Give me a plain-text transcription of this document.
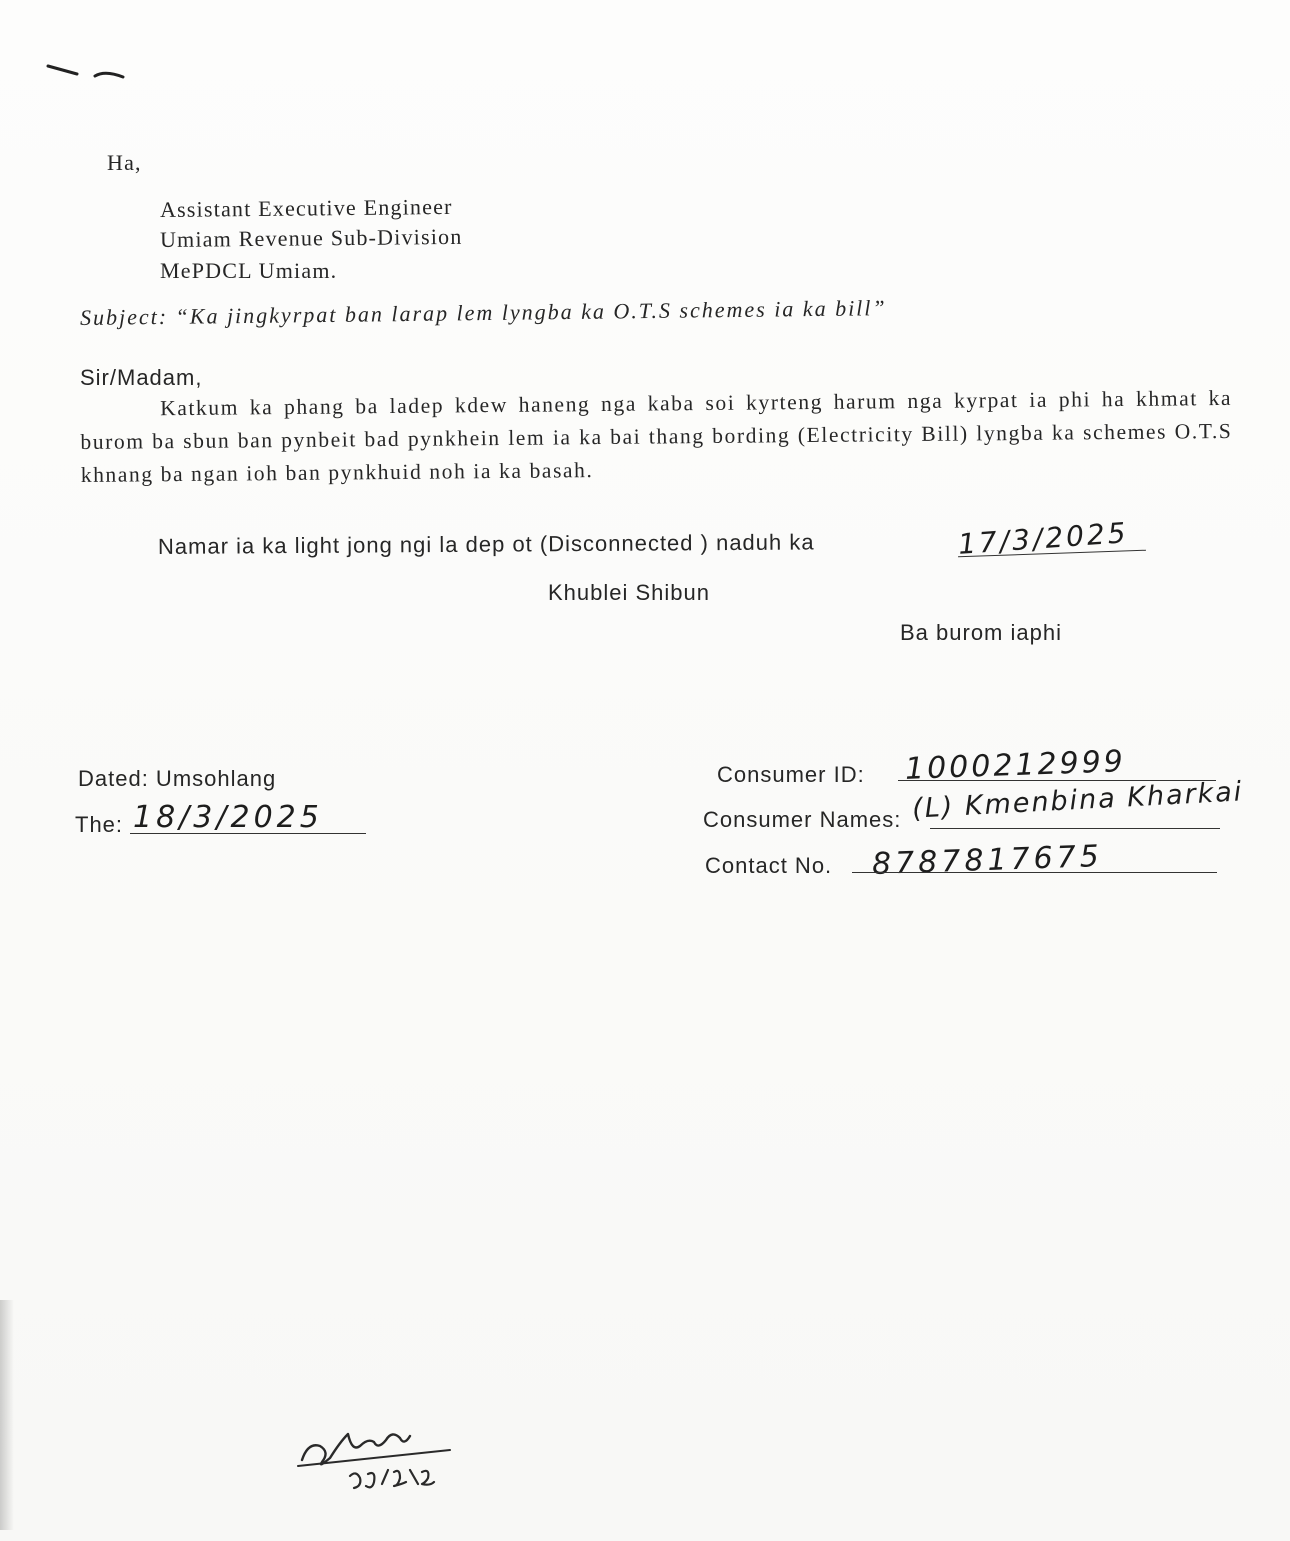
Ha,
Assistant Executive Engineer
Umiam Revenue Sub-Division
MePDCL Umiam.
Subject: “Ka jingkyrpat ban larap lem lyngba ka O.T.S schemes ia ka bill”
Sir/Madam,
Katkum ka phang ba ladep kdew haneng nga kaba soi kyrteng harum nga kyrpat ia phi ha khmat ka burom ba sbun ban pynbeit bad pynkhein lem ia ka bai thang bording (Electricity Bill) lyngba ka schemes O.T.S khnang ba ngan ioh ban pynkhuid noh ia ka basah.
Namar ia ka light jong ngi la dep ot (Disconnected ) naduh ka	17/3/2025
Khublei Shibun
Ba burom iaphi
Dated: Umsohlang
The: 18/3/2025
Consumer ID: 1000212999
Consumer Names: (L) Kmenbina Kharkai
Contact No. 8787817675
